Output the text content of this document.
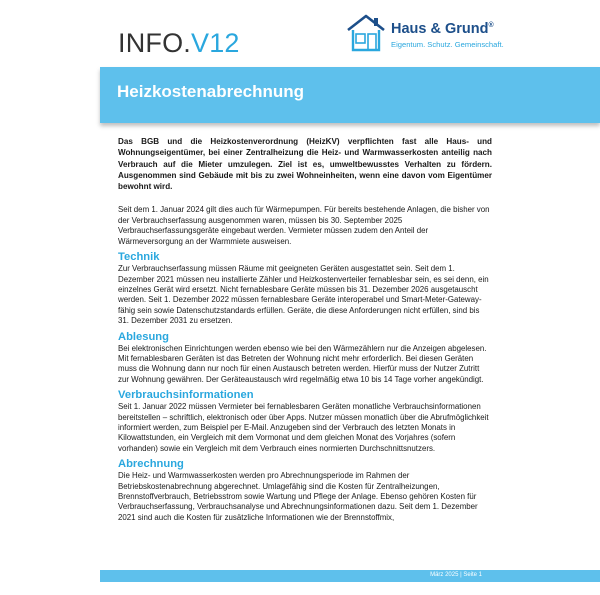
INFO.V12	Haus & Grund®
Eigentum. Schutz. Gemeinschaft.
Heizkostenabrechnung

Das BGB und die Heizkostenverordnung (HeizKV) verpflichten fast alle Haus- und Wohnungseigentümer, bei einer Zentralheizung die Heiz- und Warmwasserkosten anteilig nach Verbrauch auf die Mieter umzulegen. Ziel ist es, umweltbewusstes Verhalten zu fördern. Ausgenommen sind Gebäude mit bis zu zwei Wohneinheiten, wenn eine davon vom Eigentümer bewohnt wird.

Seit dem 1. Januar 2024 gilt dies auch für Wärmepumpen. Für bereits bestehende Anlagen, die bisher von der Verbrauchserfassung ausgenommen waren, müssen bis 30. September 2025 Verbrauchserfassungsgeräte eingebaut werden. Vermieter müssen zudem den Anteil der Wärmeversorgung an der Warmmiete ausweisen.

Technik

Zur Verbrauchserfassung müssen Räume mit geeigneten Geräten ausgestattet sein. Seit dem 1. Dezember 2021 müssen neu installierte Zähler und Heizkostenverteiler fernablesbar sein, es sei denn, ein einzelnes Gerät wird ersetzt. Nicht fernablesbare Geräte müssen bis 31. Dezember 2026 ausgetauscht werden. Seit 1. Dezember 2022 müssen fernablesbare Geräte interoperabel und Smart-Meter-Gateway-fähig sein sowie Datenschutzstandards erfüllen. Geräte, die diese Anforderungen nicht erfüllen, sind bis 31. Dezember 2031 zu ersetzen.

Ablesung

Bei elektronischen Einrichtungen werden ebenso wie bei den Wärmezählern nur die Anzeigen abgelesen. Mit fernablesbaren Geräten ist das Betreten der Wohnung nicht mehr erforderlich. Bei diesen Geräten muss die Wohnung dann nur noch für einen Austausch betreten werden. Hierfür muss der Nutzer Zutritt zur Wohnung gewähren. Der Geräteaustausch wird regelmäßig etwa 10 bis 14 Tage vorher angekündigt.

Verbrauchsinformationen

Seit 1. Januar 2022 müssen Vermieter bei fernablesbaren Geräten monatliche Verbrauchsinformationen bereitstellen – schriftlich, elektronisch oder über Apps. Nutzer müssen monatlich über die Abrufmöglichkeit informiert werden, zum Beispiel per E-Mail. Anzugeben sind der Verbrauch des letzten Monats in Kilowattstunden, ein Vergleich mit dem Vormonat und dem gleichen Monat des Vorjahres (sofern vorhanden) sowie ein Vergleich mit dem Verbrauch eines normierten Durchschnittsnutzers.

Abrechnung

Die Heiz- und Warmwasserkosten werden pro Abrechnungsperiode im Rahmen der Betriebskostenabrechnung abgerechnet. Umlagefähig sind die Kosten für Zentralheizungen, Brennstoffverbrauch, Betriebsstrom sowie Wartung und Pflege der Anlage. Ebenso gehören Kosten für Verbrauchserfassung, Verbrauchsanalyse und Abrechnungsinformationen dazu. Seit dem 1. Dezember 2021 sind auch die Kosten für zusätzliche Informationen wie der Brennstoffmix,

März 2025 | Seite 1
